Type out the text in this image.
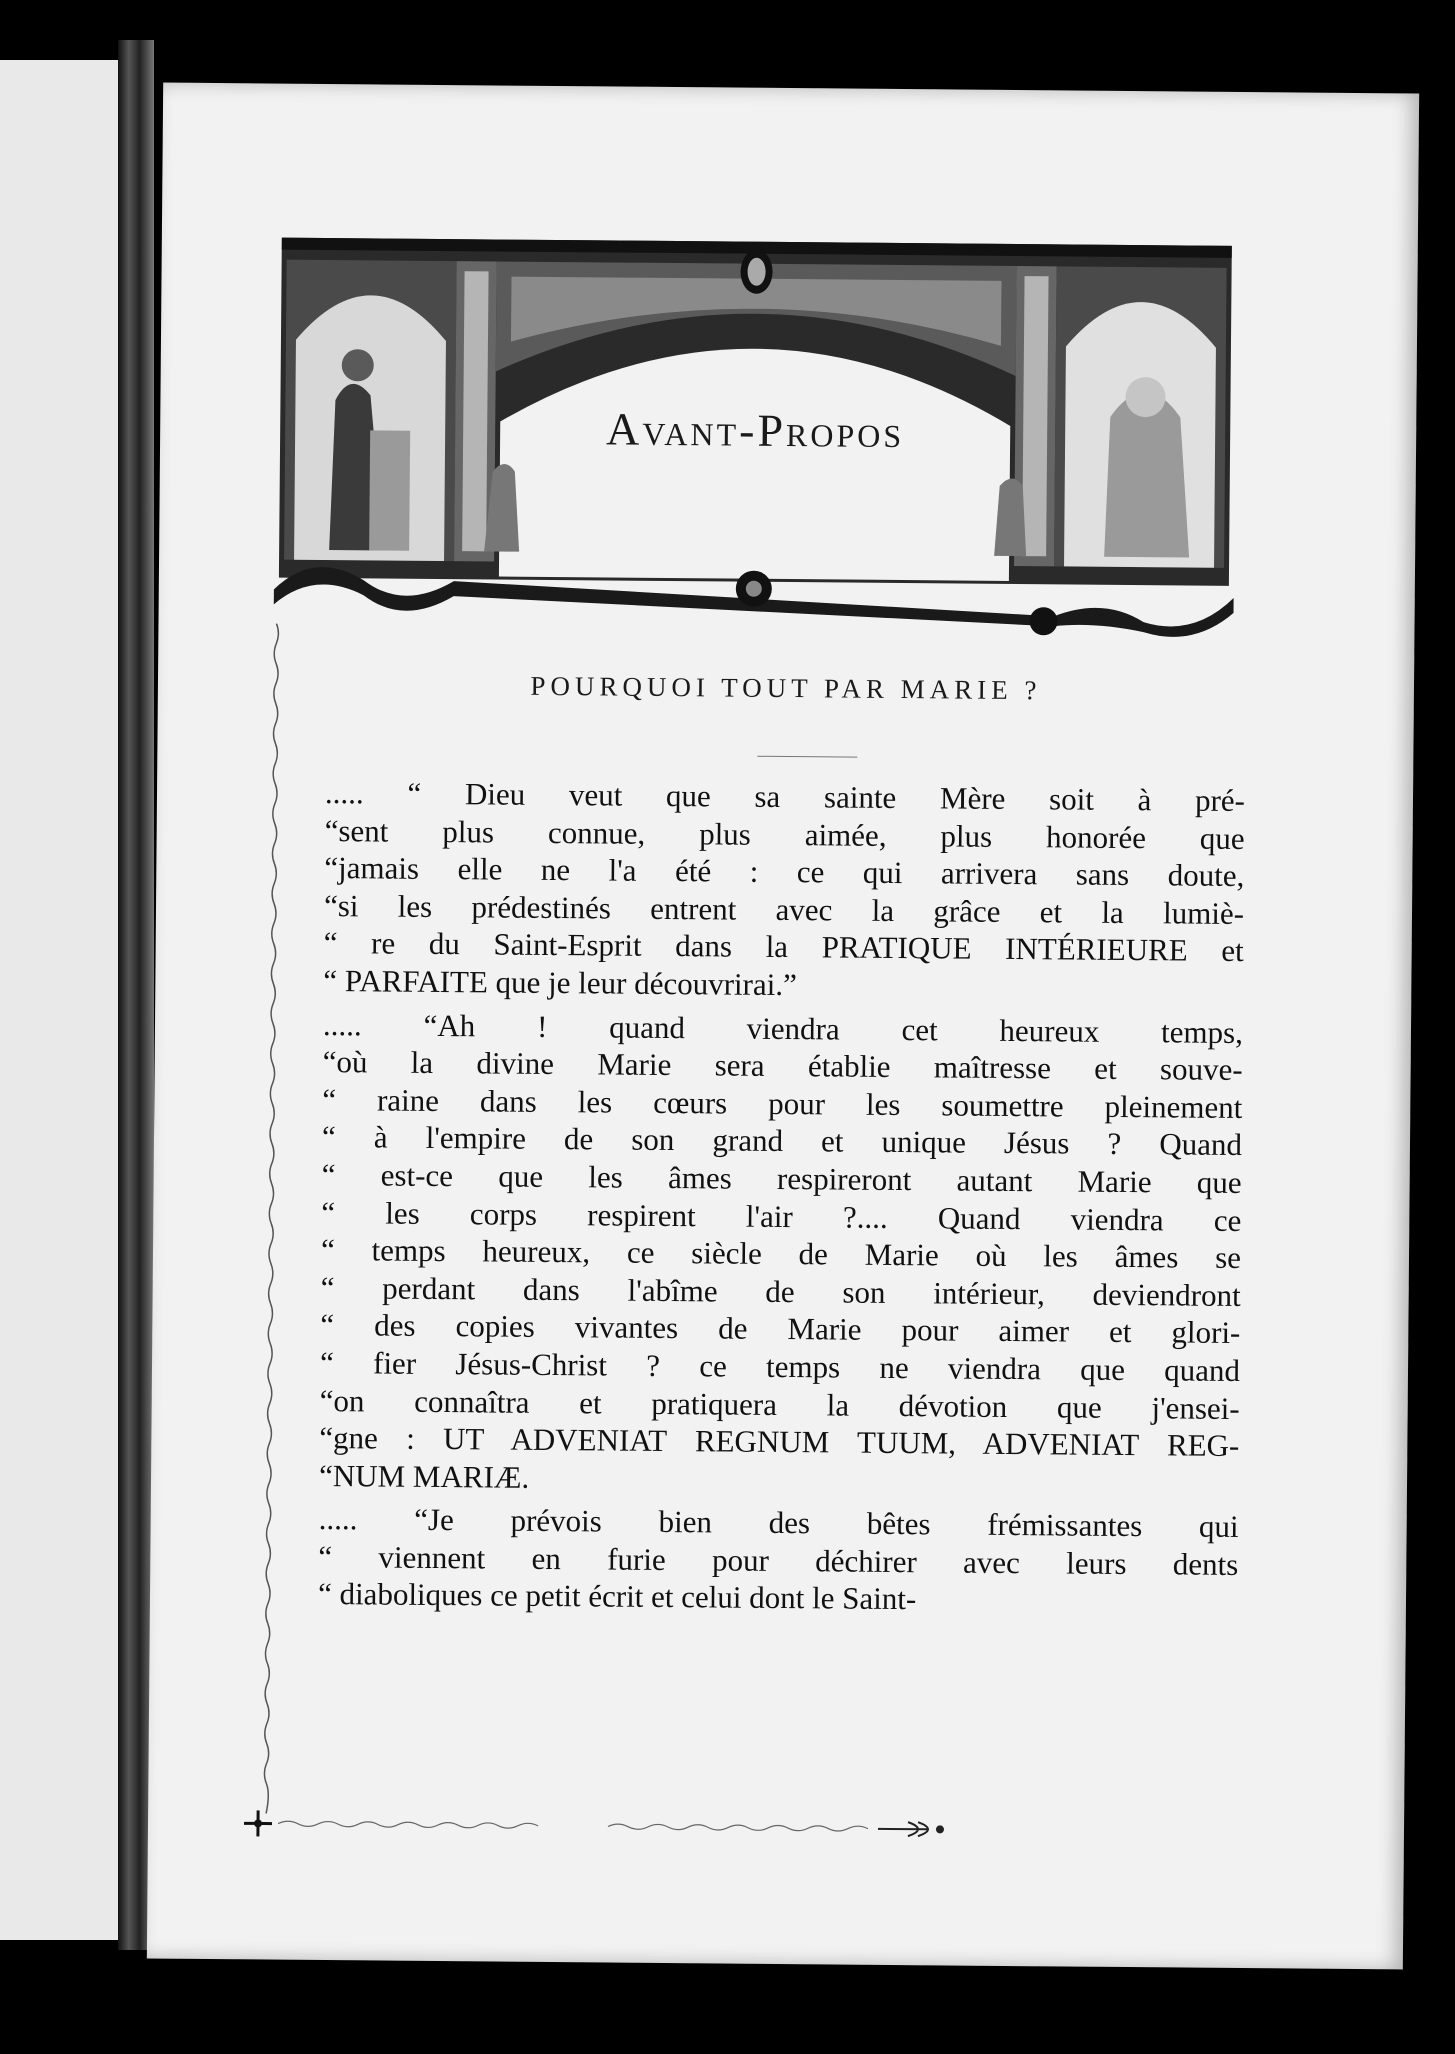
Avant-Propos
POURQUOI TOUT PAR MARIE ?

..... “ Dieu veut que sa sainte Mère soit à pré-
“sent plus connue, plus aimée, plus honorée que
“jamais elle ne l'a été : ce qui arrivera sans doute,
“si les prédestinés entrent avec la grâce et la lumiè-
“ re du Saint-Esprit dans la PRATIQUE INTÉRIEURE et
“ PARFAITE que je leur découvrirai.”

..... “Ah ! quand viendra cet heureux temps,
“où la divine Marie sera établie maîtresse et souve-
“ raine dans les cœurs pour les soumettre pleinement
“ à l'empire de son grand et unique Jésus ? Quand
“ est-ce que les âmes respireront autant Marie que
“ les corps respirent l'air ?.... Quand viendra ce
“ temps heureux, ce siècle de Marie où les âmes se
“ perdant dans l'abîme de son intérieur, deviendront
“ des copies vivantes de Marie pour aimer et glori-
“ fier Jésus-Christ ? ce temps ne viendra que quand
“on connaîtra et pratiquera la dévotion que j'ensei-
“gne : UT ADVENIAT REGNUM TUUM, ADVENIAT REG-
“NUM MARIÆ.

..... “Je prévois bien des bêtes frémissantes qui
“ viennent en furie pour déchirer avec leurs dents
“ diaboliques ce petit écrit et celui dont le Saint-
